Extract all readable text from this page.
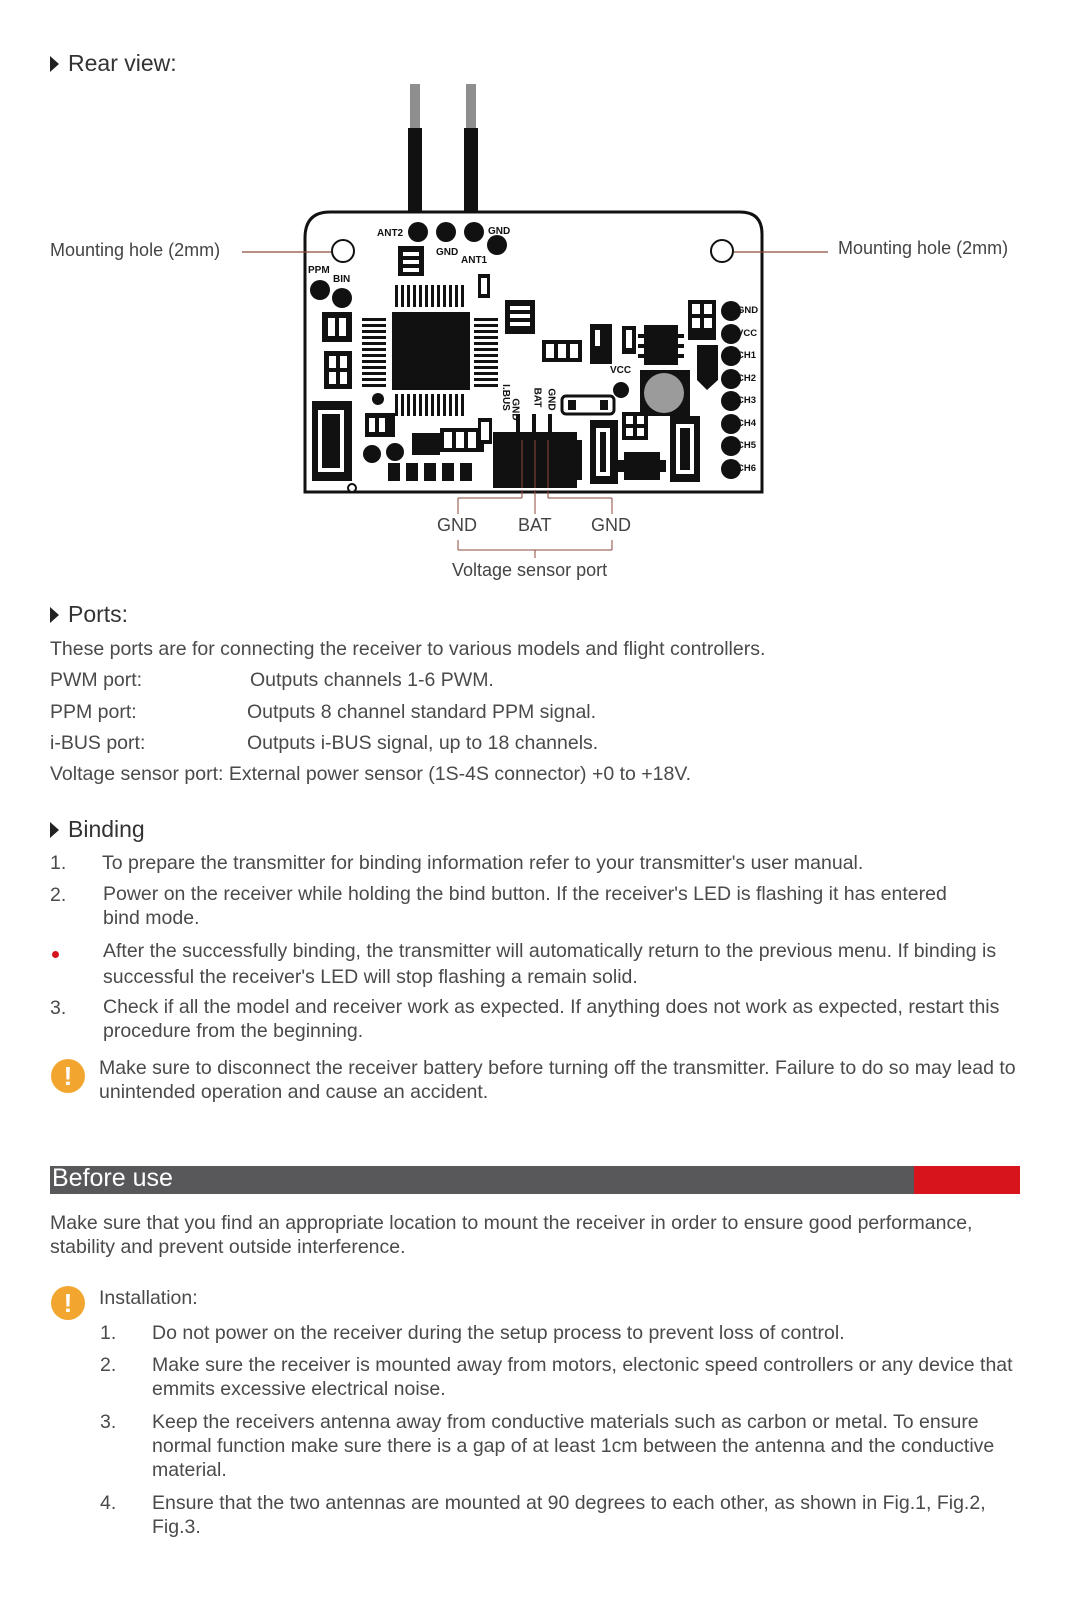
Rear view:
ANT2
GND
GND
ANT1
PPM
BIN
VCC
I.BUS BAT GND
GND
GND
VCC
CH1
CH2
CH3
CH4
CH5
CH6
Mounting hole (2mm)	Mounting hole (2mm)
GND BAT GND
Voltage sensor port
Ports:
These ports are for connecting the receiver to various models and flight controllers.
PWM port:	Outputs channels 1-6 PWM.
PPM port:	Outputs 8 channel standard PPM signal.
i-BUS port:	Outputs i-BUS signal, up to 18 channels.
Voltage sensor port: External power sensor (1S-4S connector) +0 to +18V.
Binding
1. To prepare the transmitter for binding information refer to your transmitter's user manual.
2. Power on the receiver while holding the bind button. If the receiver's LED is flashing it has entered bind mode.
After the successfully binding, the transmitter will automatically return to the previous menu. If binding is successful the receiver's LED will stop flashing a remain solid.
3. Check if all the model and receiver work as expected. If anything does not work as expected, restart this procedure from the beginning.
!	Make sure to disconnect the receiver battery before turning off the transmitter. Failure to do so may lead to unintended operation and cause an accident.
Before use
Make sure that you find an appropriate location to mount the receiver in order to ensure good performance, stability and prevent outside interference.
!	Installation:
1. Do not power on the receiver during the setup process to prevent loss of control.
2. Make sure the receiver is mounted away from motors, electonic speed controllers or any device that emmits excessive electrical noise.
3. Keep the receivers antenna away from conductive materials such as carbon or metal. To ensure normal function make sure there is a gap of at least 1cm between the antenna and the conductive material.
4. Ensure that the two antennas are mounted at 90 degrees to each other, as shown in Fig.1, Fig.2, Fig.3.
